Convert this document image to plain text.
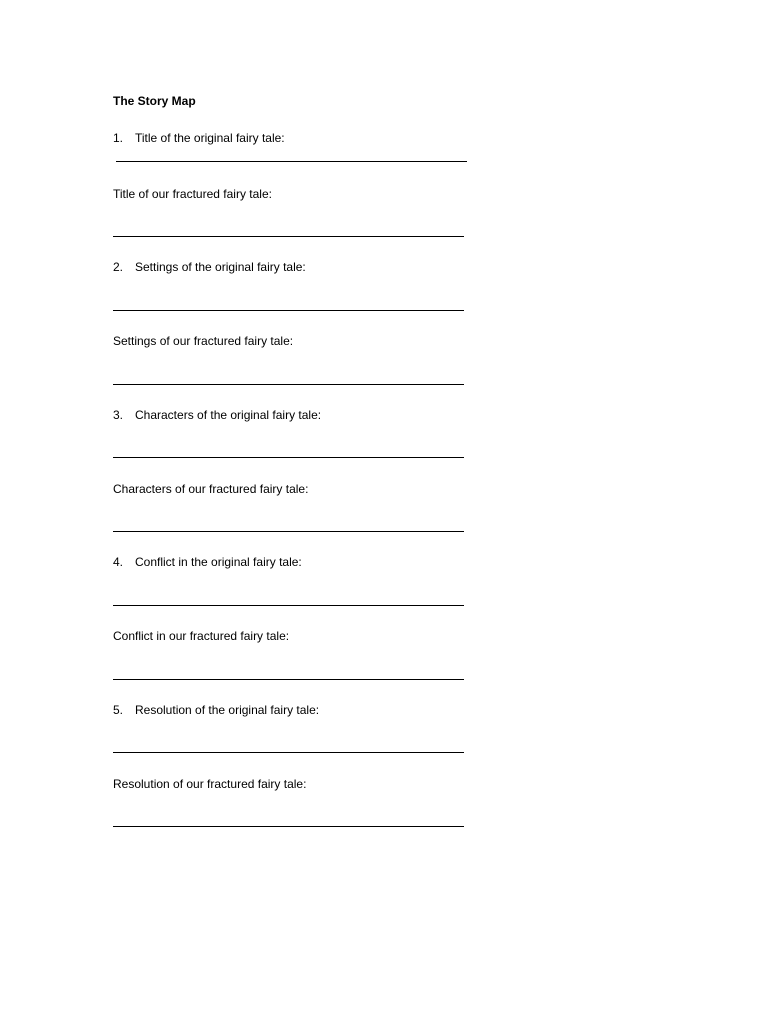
The Story Map
1. Title of the original fairy tale:
Title of our fractured fairy tale:
2. Settings of the original fairy tale:
Settings of our fractured fairy tale:
3. Characters of the original fairy tale:
Characters of our fractured fairy tale:
4. Conflict in the original fairy tale:
Conflict in our fractured fairy tale:
5. Resolution of the original fairy tale:
Resolution of our fractured fairy tale:
